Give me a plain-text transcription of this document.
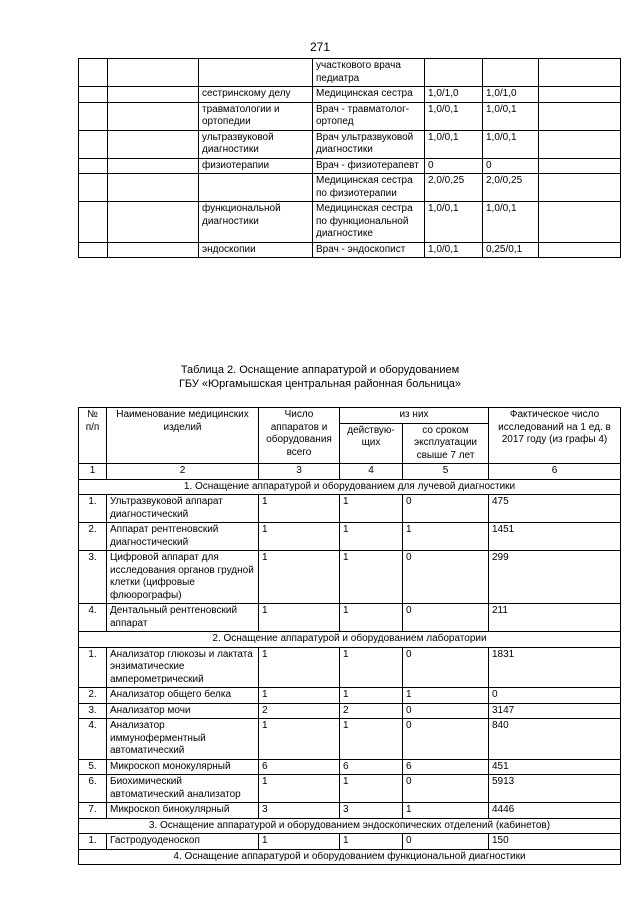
271
			участкового врача педиатра			
		сестринскому делу	Медицинская сестра	1,0/1,0	1,0/1,0	
		травматологии и ортопедии	Врач - травматолог-ортопед	1,0/0,1	1,0/0,1	
		ультразвуковой диагностики	Врач ультразвуковой диагностики	1,0/0,1	1,0/0,1	
		физиотерапии	Врач - физиотерапевт	0	0	
			Медицинская сестра по физиотерапии	2,0/0,25	2,0/0,25	
		функциональной диагностики	Медицинская сестра по функциональной диагностике	1,0/0,1	1,0/0,1	
		эндоскопии	Врач - эндоскопист	1,0/0,1	0,25/0,1	
Таблица 2. Оснащение аппаратурой и оборудованием
ГБУ «Юргамышская центральная районная больница»
№ п/п	Наименование медицинских изделий	Число аппаратов и оборудования всего	из них		Фактическое число исследований на 1 ед. в 2017 году (из графы 4)
			действую-щих	со сроком эксплуатации свыше 7 лет	
1	2	3	4	5	6
1. Оснащение аппаратурой и оборудованием для лучевой диагностики					
1.	Ультразвуковой аппарат диагностический	1	1	0	475
2.	Аппарат рентгеновский диагностический	1	1	1	1451
3.	Цифровой аппарат для исследования органов грудной клетки (цифровые флюорографы)	1	1	0	299
4.	Дентальный рентгеновский аппарат	1	1	0	211
2. Оснащение аппаратурой и оборудованием лаборатории					
1.	Анализатор глюкозы и лактата энзиматические амперометрический	1	1	0	1831
2.	Анализатор общего белка	1	1	1	0
3.	Анализатор мочи	2	2	0	3147
4.	Анализатор иммуноферментный автоматический	1	1	0	840
5.	Микроскоп монокулярный	6	6	6	451
6.	Биохимический автоматический анализатор	1	1	0	5913
7.	Микроскоп бинокулярный	3	3	1	4446
3. Оснащение аппаратурой и оборудованием эндоскопических отделений (кабинетов)					
1.	Гастродуоденоскоп	1	1	0	150
4. Оснащение аппаратурой и оборудованием функциональной диагностики					
